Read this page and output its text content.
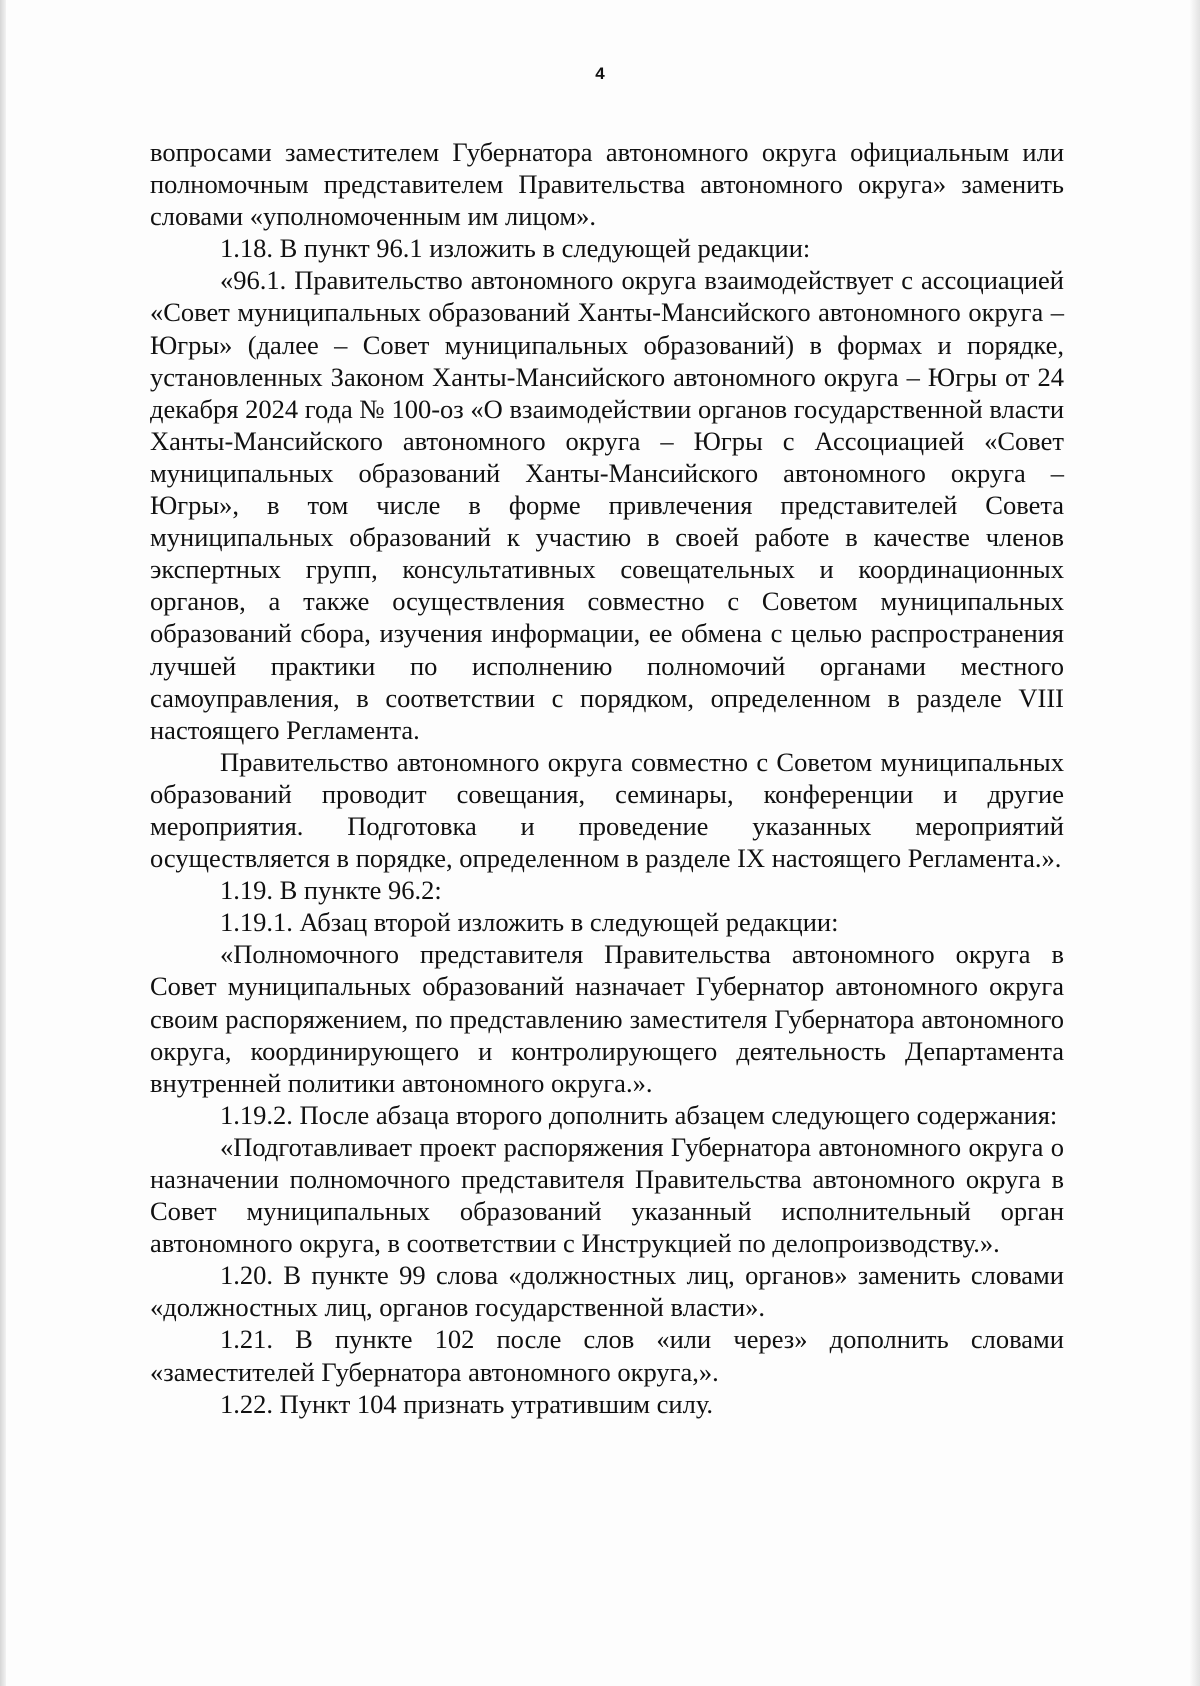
4

вопросами заместителем Губернатора автономного округа официальным или полномочным представителем Правительства автономного округа» заменить словами «уполномоченным им лицом».

1.18. В пункт 96.1 изложить в следующей редакции:

«96.1. Правительство автономного округа взаимодействует с ассоциацией «Совет муниципальных образований Ханты-Мансийского автономного округа – Югры» (далее – Совет муниципальных образований) в формах и порядке, установленных Законом Ханты-Мансийского автономного округа – Югры от 24 декабря 2024 года № 100-оз «О взаимодействии органов государственной власти Ханты-Мансийского автономного округа – Югры с Ассоциацией «Совет муниципальных образований Ханты-Мансийского автономного округа – Югры», в том числе в форме привлечения представителей Совета муниципальных образований к участию в своей работе в качестве членов экспертных групп, консультативных совещательных и координационных органов, а также осуществления совместно с Советом муниципальных образований сбора, изучения информации, ее обмена с целью распространения лучшей практики по исполнению полномочий органами местного самоуправления, в соответствии с порядком, определенном в разделе VIII настоящего Регламента.

Правительство автономного округа совместно с Советом муниципальных образований проводит совещания, семинары, конференции и другие мероприятия. Подготовка и проведение указанных мероприятий осуществляется в порядке, определенном в разделе IX настоящего Регламента.».

1.19. В пункте 96.2:

1.19.1. Абзац второй изложить в следующей редакции:

«Полномочного представителя Правительства автономного округа в Совет муниципальных образований назначает Губернатор автономного округа своим распоряжением, по представлению заместителя Губернатора автономного округа, координирующего и контролирующего деятельность Департамента внутренней политики автономного округа.».

1.19.2. После абзаца второго дополнить абзацем следующего содержания:

«Подготавливает проект распоряжения Губернатора автономного округа о назначении полномочного представителя Правительства автономного округа в Совет муниципальных образований указанный исполнительный орган автономного округа, в соответствии с Инструкцией по делопроизводству.».

1.20. В пункте 99 слова «должностных лиц, органов» заменить словами «должностных лиц, органов государственной власти».

1.21. В пункте 102 после слов «или через» дополнить словами «заместителей Губернатора автономного округа,».

1.22. Пункт 104 признать утратившим силу.
